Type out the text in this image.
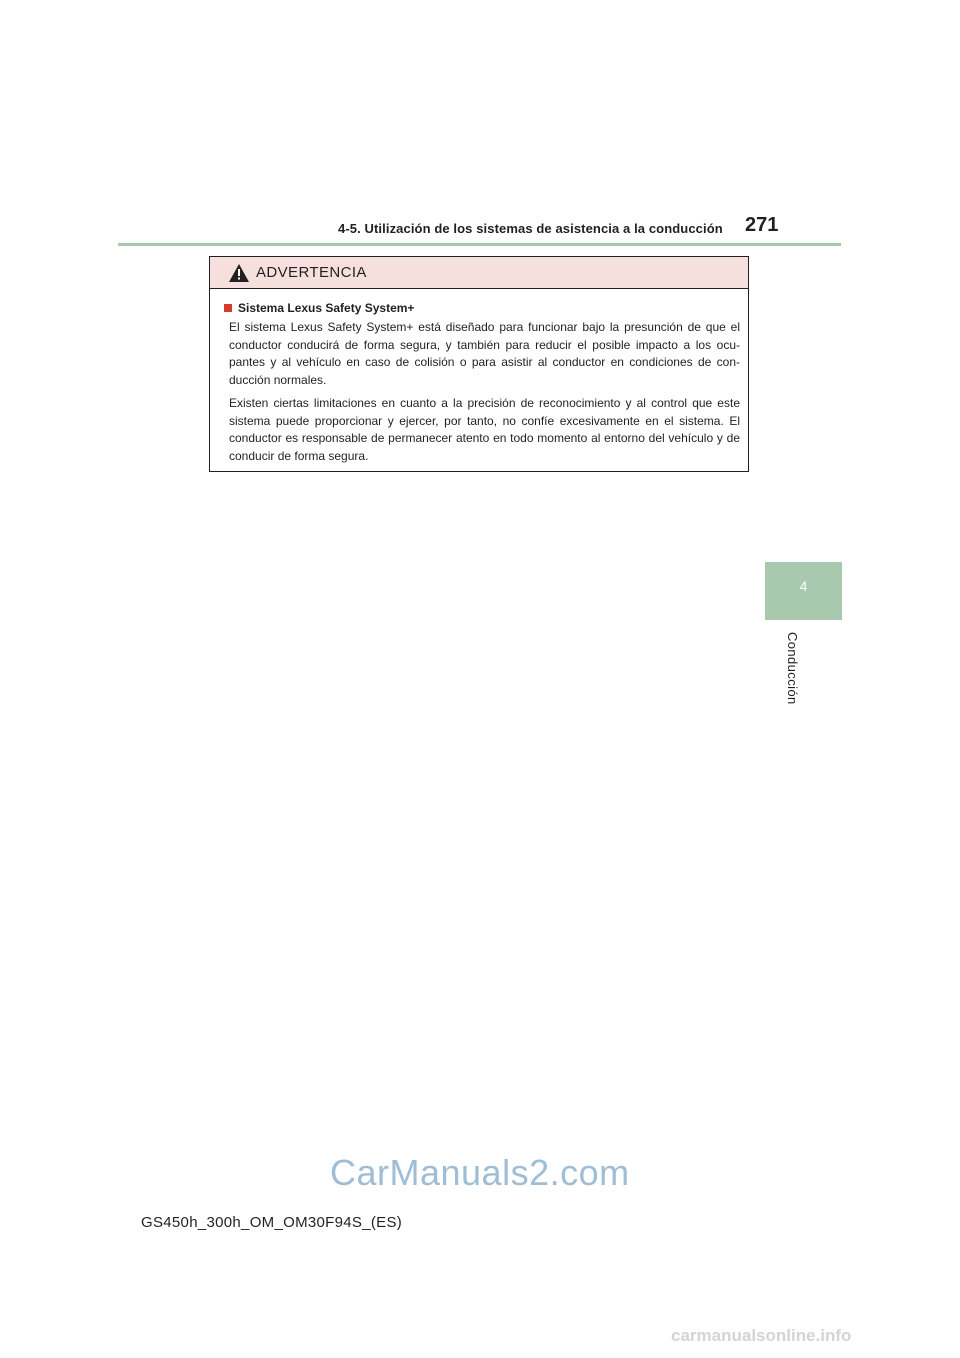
4-5. Utilización de los sistemas de asistencia a la conducción 271
4
Conducción
ADVERTENCIA
Sistema Lexus Safety System+

El sistema Lexus Safety System+ está diseñado para funcionar bajo la presunción de que el conductor conducirá de forma segura, y también para reducir el posible impacto a los ocu-pantes y al vehículo en caso de colisión o para asistir al conductor en condiciones de con-ducción normales.

Existen ciertas limitaciones en cuanto a la precisión de reconocimiento y al control que este sistema puede proporcionar y ejercer, por tanto, no confíe excesivamente en el sistema. El conductor es responsable de permanecer atento en todo momento al entorno del vehículo y de conducir de forma segura.

CarManuals2.com
GS450h_300h_OM_OM30F94S_(ES)
carmanualsonline.info
